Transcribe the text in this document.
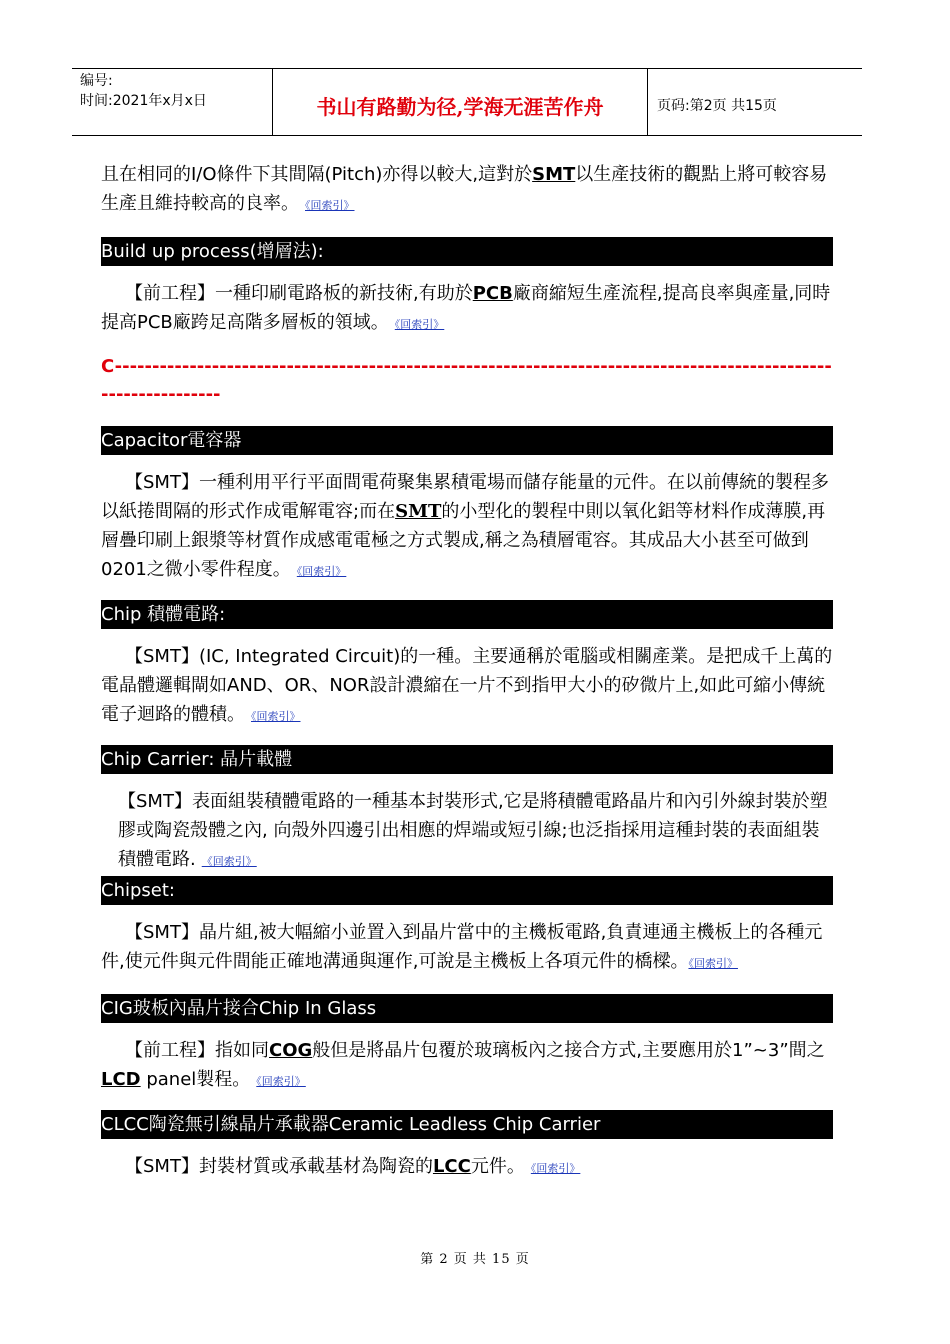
编号:
时间:2021年x月x日	书山有路勤为径,学海无涯苦作舟	页码:第2页 共15页

且在相同的I/O條件下其間隔(Pitch)亦得以較大,這對於SMT以生產技術的觀點上將可較容易生產且維持較高的良率。 《回索引》

Build up process(增層法):

【前工程】一種印刷電路板的新技術,有助於PCB廠商縮短生產流程,提高良率與產量,同時提高PCB廠跨足高階多層板的領域。 《回索引》

C----------------------------------------------------------------------------------------------------------------
Capacitor電容器

【SMT】一種利用平行平面間電荷聚集累積電場而儲存能量的元件。在以前傳統的製程多以紙捲間隔的形式作成電解電容;而在SMT的小型化的製程中則以氧化鋁等材料作成薄膜,再層疊印刷上銀漿等材質作成感電電極之方式製成,稱之為積層電容。其成品大小甚至可做到0201之微小零件程度。 《回索引》

Chip 積體電路:

【SMT】(IC, Integrated Circuit)的一種。主要通稱於電腦或相關產業。是把成千上萬的電晶體邏輯閘如AND、OR、NOR設計濃縮在一片不到指甲大小的矽微片上,如此可縮小傳統電子迴路的體積。 《回索引》

Chip Carrier: 晶片載體

【SMT】表面組裝積體電路的一種基本封裝形式,它是將積體電路晶片和內引外線封裝於塑膠或陶瓷殼體之內, 向殼外四邊引出相應的焊端或短引線;也泛指採用這種封裝的表面組裝積體電路. 《回索引》

Chipset:

【SMT】晶片組,被大幅縮小並置入到晶片當中的主機板電路,負責連通主機板上的各種元件,使元件與元件間能正確地溝通與運作,可說是主機板上各項元件的橋樑。《回索引》

CIG玻板內晶片接合Chip In Glass

【前工程】指如同COG般但是將晶片包覆於玻璃板內之接合方式,主要應用於1”~3”間之LCD panel製程。 《回索引》

CLCC陶瓷無引線晶片承載器Ceramic Leadless Chip Carrier

【SMT】封裝材質或承載基材為陶瓷的LCC元件。 《回索引》

第 2 页 共 15 页
